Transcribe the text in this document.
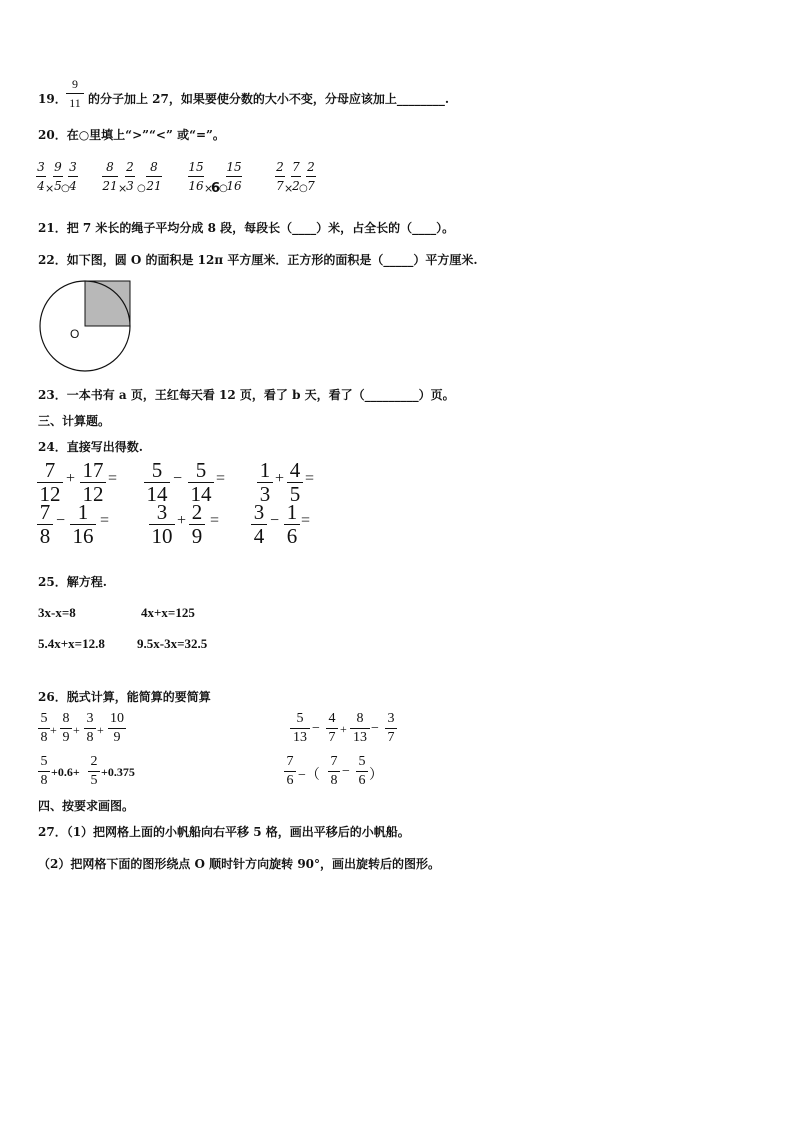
19．
9
11 的分子加上 27，如果要使分数的大小不变，分母应该加上________.
20．在○里填上“>”“<” 或“=”。
3
4 ×
9
5 ○
3
4
8
21 ×
2
3 ○
8
21
15
16 ×
6
○
15
16
2
7 ×
7
2 ○
2
7
21．把 7 米长的绳子平均分成 8 段，每段长（____）米，占全长的（____）。
22．如下图，圆 O 的面积是 12π 平方厘米．正方形的面积是（_____）平方厘米.
O
23．一本书有 a 页，王红每天看 12 页，看了 b 天，看了（_________）页。
三、计算题。
24．直接写出得数.
7
12
+ 17
12
= 5
14
− 5
14
= 1
3
+ 4
5
=
7
8
− 1
16
= 3
10
+ 2
9
= 3
4
− 1
6
=
25．解方程.
3x-x=8	4x+x=125
5.4x+x=12.8 9.5x-3x=32.5
26．脱式计算，能简算的要简算
5
8 +
8
9 +
3
8 +
10
9
5
13
−
4
7
+
8
13
−
3
7
5
8
+0.6+
2
5
+0.375
7
6 −（
7
8
−
5
6 ）
四、按要求画图。
27．（1）把网格上面的小帆船向右平移 5 格，画出平移后的小帆船。
（2）把网格下面的图形绕点 O 顺时针方向旋转 90°，画出旋转后的图形。
